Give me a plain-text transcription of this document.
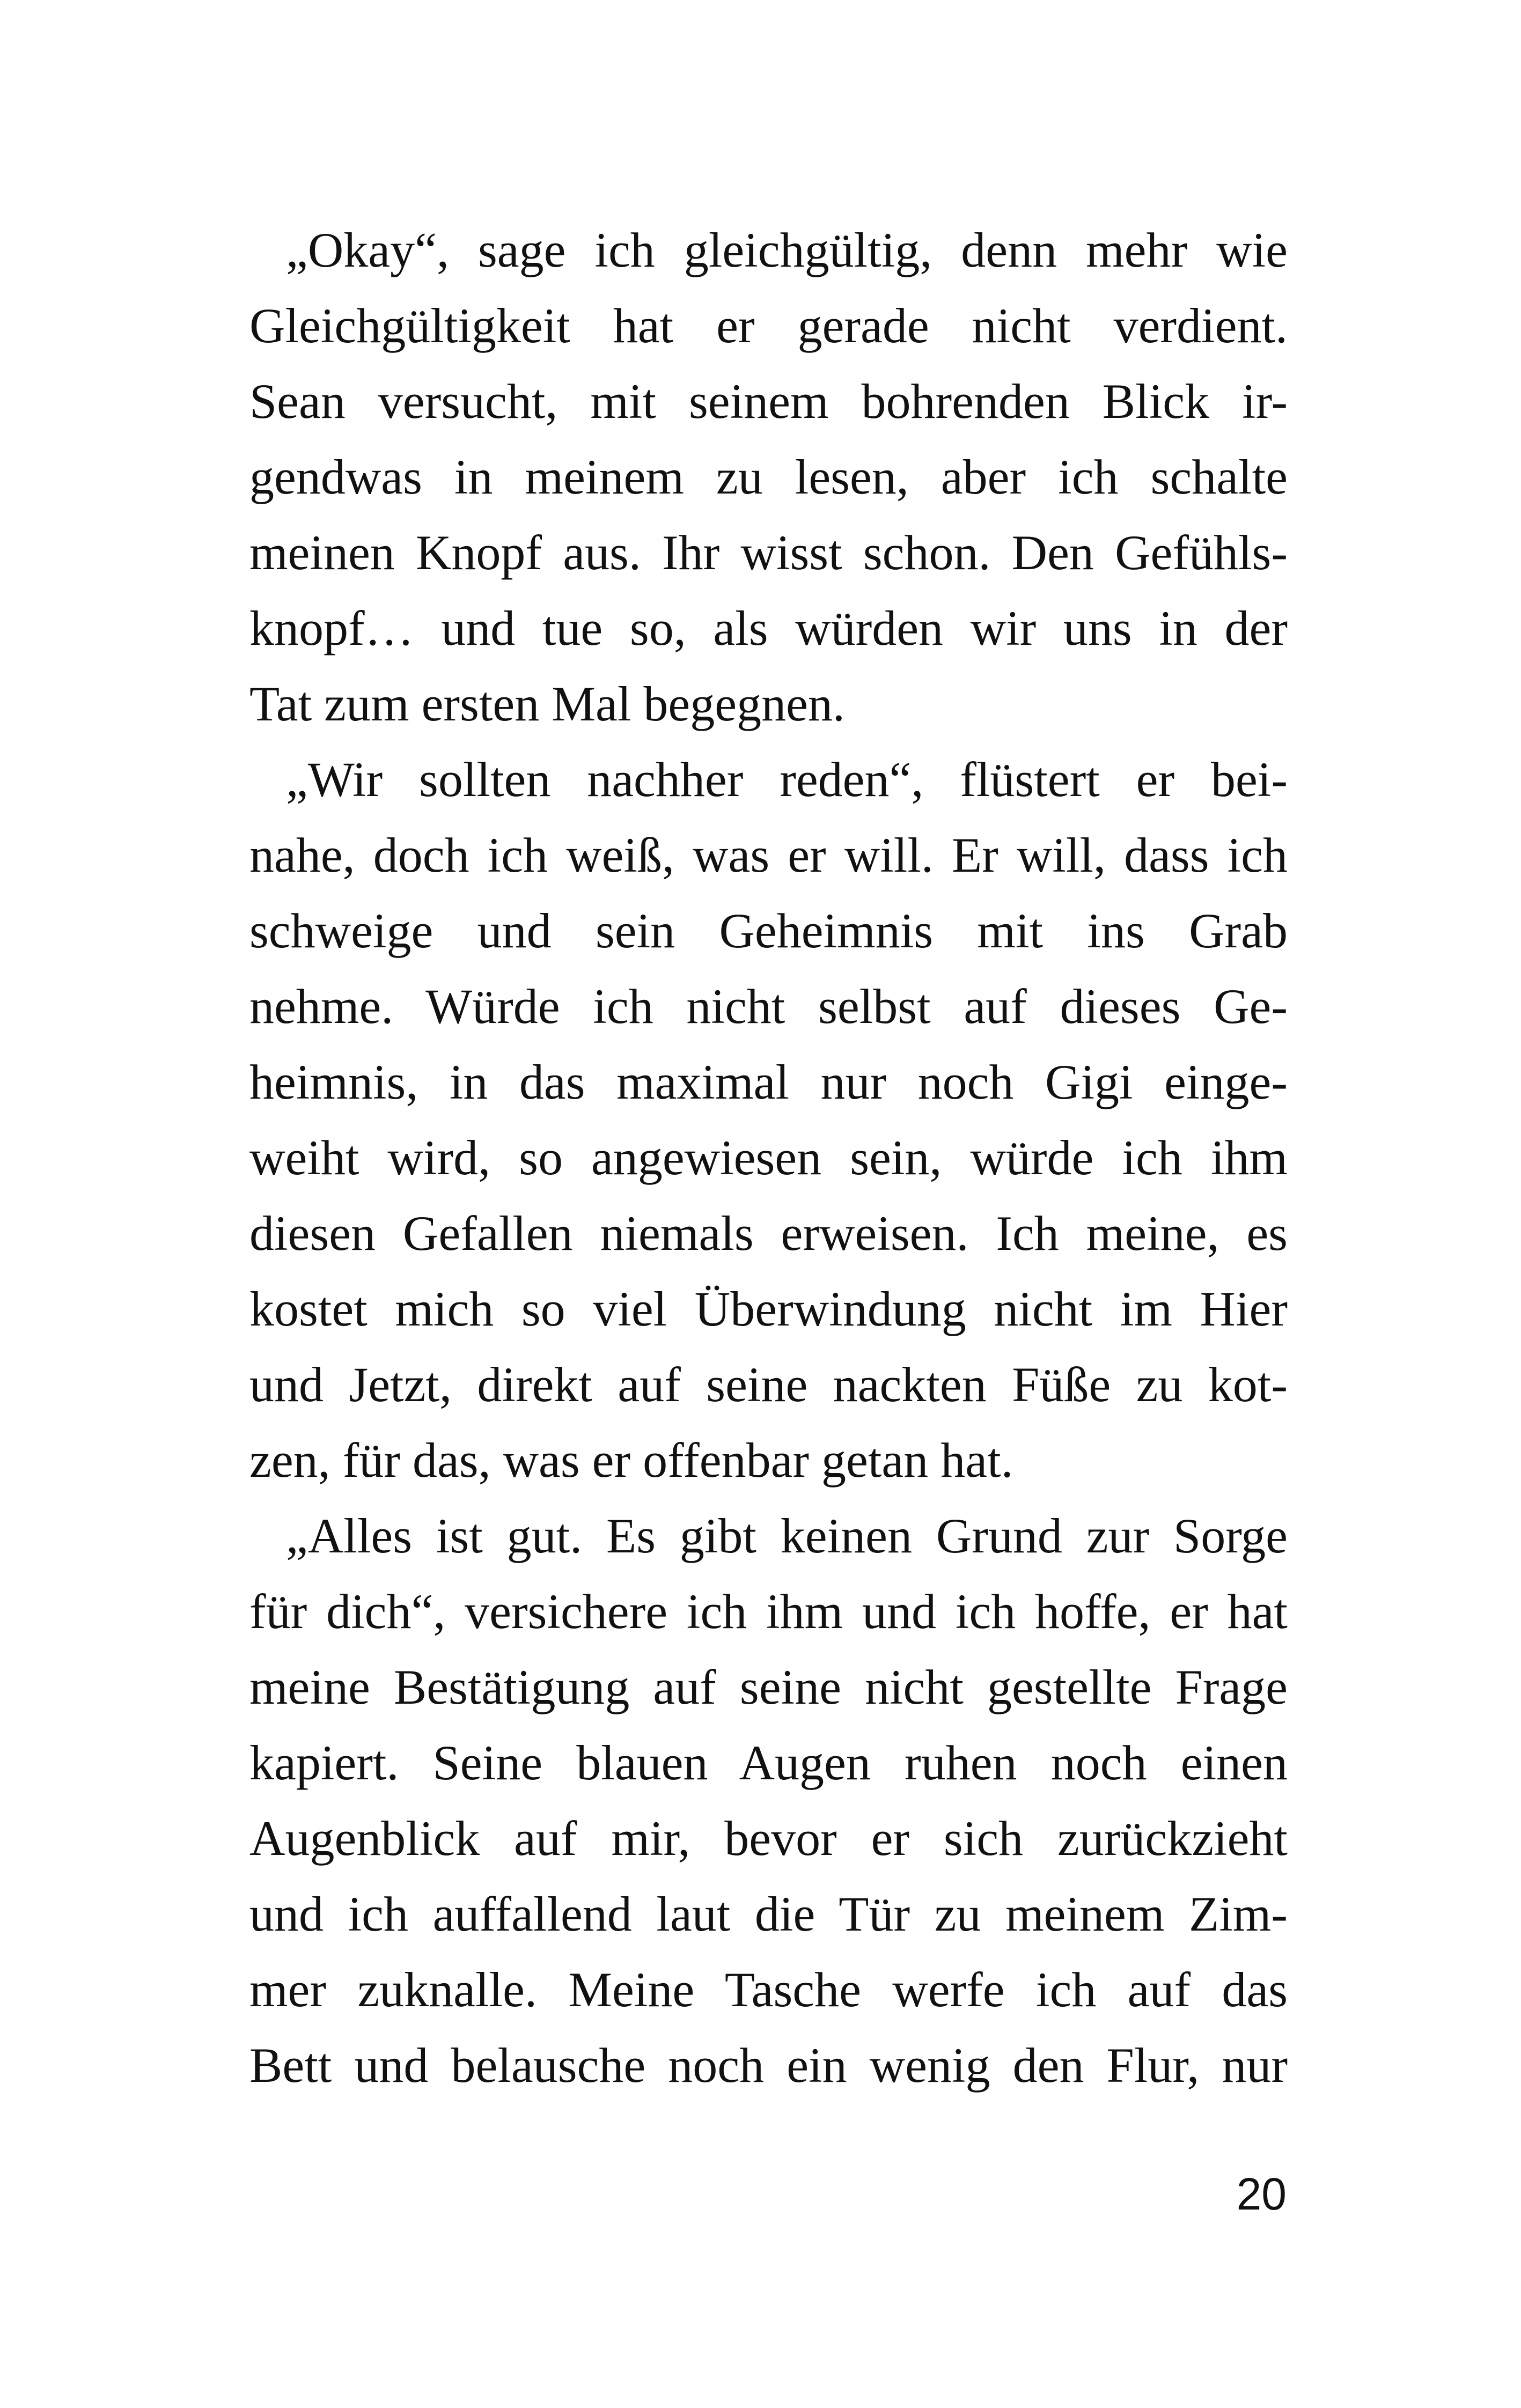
„Okay“, sage ich gleichgültig, denn mehr wie
Gleichgültigkeit hat er gerade nicht verdient.
Sean versucht, mit seinem bohrenden Blick ir-
gendwas in meinem zu lesen, aber ich schalte
meinen Knopf aus. Ihr wisst schon. Den Gefühls-
knopf… und tue so, als würden wir uns in der
Tat zum ersten Mal begegnen.

„Wir sollten nachher reden“, flüstert er bei-
nahe, doch ich weiß, was er will. Er will, dass ich
schweige und sein Geheimnis mit ins Grab
nehme. Würde ich nicht selbst auf dieses Ge-
heimnis, in das maximal nur noch Gigi einge-
weiht wird, so angewiesen sein, würde ich ihm
diesen Gefallen niemals erweisen. Ich meine, es
kostet mich so viel Überwindung nicht im Hier
und Jetzt, direkt auf seine nackten Füße zu kot-
zen, für das, was er offenbar getan hat.

„Alles ist gut. Es gibt keinen Grund zur Sorge
für dich“, versichere ich ihm und ich hoffe, er hat
meine Bestätigung auf seine nicht gestellte Frage
kapiert. Seine blauen Augen ruhen noch einen
Augenblick auf mir, bevor er sich zurückzieht
und ich auffallend laut die Tür zu meinem Zim-
mer zuknalle. Meine Tasche werfe ich auf das
Bett und belausche noch ein wenig den Flur, nur

20
